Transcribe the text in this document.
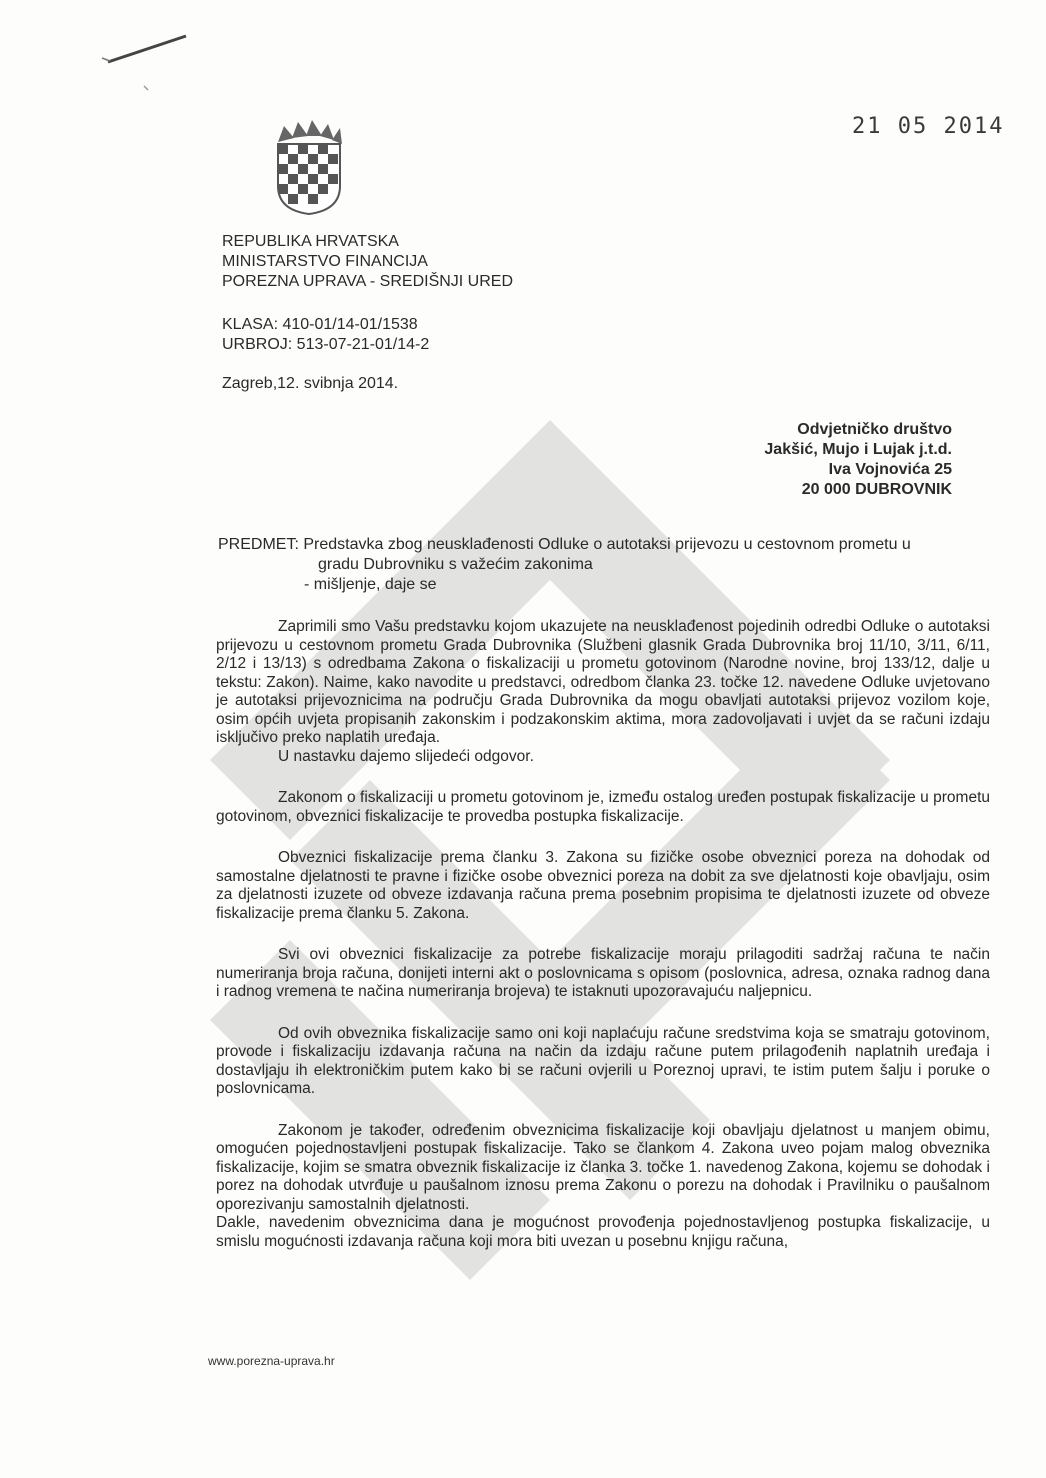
21 05 2014
REPUBLIKA HRVATSKA
MINISTARSTVO FINANCIJA
POREZNA UPRAVA - SREDIŠNJI URED
KLASA: 410-01/14-01/1538
URBROJ: 513-07-21-01/14-2
Zagreb,12. svibnja 2014.
Odvjetničko društvo
Jakšić, Mujo i Lujak j.t.d.
Iva Vojnovića 25
20 000 DUBROVNIK
PREDMET: Predstavka zbog neusklađenosti Odluke o autotaksi prijevozu u cestovnom prometu u
gradu Dubrovniku s važećim zakonima
- mišljenje, daje se

Zaprimili smo Vašu predstavku kojom ukazujete na neusklađenost pojedinih odredbi Odluke o autotaksi prijevozu u cestovnom prometu Grada Dubrovnika (Službeni glasnik Grada Dubrovnika broj 11/10, 3/11, 6/11, 2/12 i 13/13) s odredbama Zakona o fiskalizaciji u prometu gotovinom (Narodne novine, broj 133/12, dalje u tekstu: Zakon). Naime, kako navodite u predstavci, odredbom članka 23. točke 12. navedene Odluke uvjetovano je autotaksi prijevoznicima na području Grada Dubrovnika da mogu obavljati autotaksi prijevoz vozilom koje, osim općih uvjeta propisanih zakonskim i podzakonskim aktima, mora zadovoljavati i uvjet da se računi izdaju isključivo preko naplatih uređaja.

U nastavku dajemo slijedeći odgovor.

Zakonom o fiskalizaciji u prometu gotovinom je, između ostalog uređen postupak fiskalizacije u prometu gotovinom, obveznici fiskalizacije te provedba postupka fiskalizacije.

Obveznici fiskalizacije prema članku 3. Zakona su fizičke osobe obveznici poreza na dohodak od samostalne djelatnosti te pravne i fizičke osobe obveznici poreza na dobit za sve djelatnosti koje obavljaju, osim za djelatnosti izuzete od obveze izdavanja računa prema posebnim propisima te djelatnosti izuzete od obveze fiskalizacije prema članku 5. Zakona.

Svi ovi obveznici fiskalizacije za potrebe fiskalizacije moraju prilagoditi sadržaj računa te način numeriranja broja računa, donijeti interni akt o poslovnicama s opisom (poslovnica, adresa, oznaka radnog dana i radnog vremena te načina numeriranja brojeva) te istaknuti upozoravajuću naljepnicu.

Od ovih obveznika fiskalizacije samo oni koji naplaćuju račune sredstvima koja se smatraju gotovinom, provode i fiskalizaciju izdavanja računa na način da izdaju račune putem prilagođenih naplatnih uređaja i dostavljaju ih elektroničkim putem kako bi se računi ovjerili u Poreznoj upravi, te istim putem šalju i poruke o poslovnicama.

Zakonom je također, određenim obveznicima fiskalizacije koji obavljaju djelatnost u manjem obimu, omogućen pojednostavljeni postupak fiskalizacije. Tako se člankom 4. Zakona uveo pojam malog obveznika fiskalizacije, kojim se smatra obveznik fiskalizacije iz članka 3. točke 1. navedenog Zakona, kojemu se dohodak i porez na dohodak utvrđuje u paušalnom iznosu prema Zakonu o porezu na dohodak i Pravilniku o paušalnom oporezivanju samostalnih djelatnosti.

Dakle, navedenim obveznicima dana je mogućnost provođenja pojednostavljenog postupka fiskalizacije, u smislu mogućnosti izdavanja računa koji mora biti uvezan u posebnu knjigu računa,

www.porezna-uprava.hr
